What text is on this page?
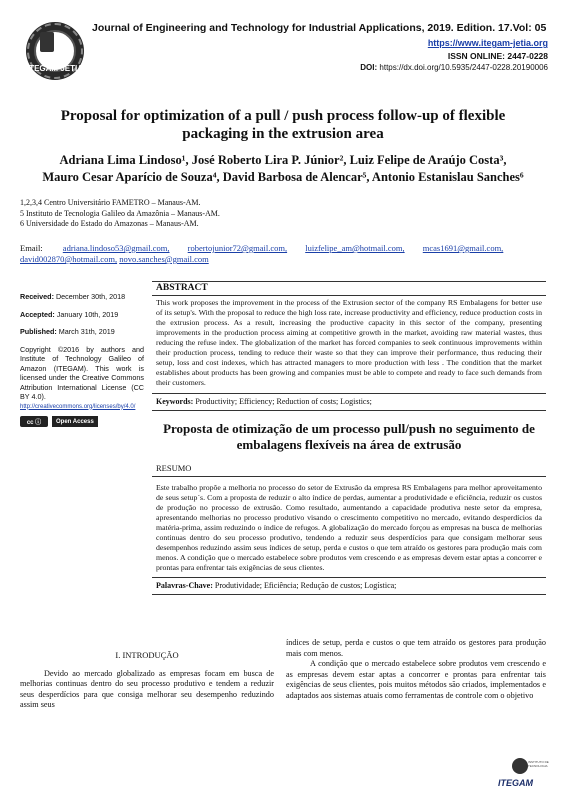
ITEGAM JETIA
Journal of Engineering and Technology for Industrial Applications, 2019. Edition. 17.Vol: 05
https://www.itegam-jetia.org
ISSN ONLINE: 2447-0228
DOI: https://dx.doi.org/10.5935/2447-0228.20190006
Proposal for optimization of a pull / push process follow-up of flexible packaging in the extrusion area
Adriana Lima Lindoso¹, José Roberto Lira P. Júnior², Luiz Felipe de Araújo Costa³,
Mauro Cesar Aparício de Souza⁴, David Barbosa de Alencar⁵, Antonio Estanislau Sanches⁶
1,2,3,4 Centro Universitário FAMETRO – Manaus-AM.
5 Instituto de Tecnologia Galileo da Amazônia – Manaus-AM.
6 Universidade do Estado do Amazonas – Manaus-AM.
Email: adriana.lindoso53@gmail.com, robertojunior72@gmail.com, luizfelipe_am@hotmail.com, mcas1691@gmail.com,
david002870@hotmail.com, novo.sanches@gmail.com
Received: December 30th, 2018
Accepted: January 10th, 2019
Published: March 31th, 2019
Copyright ©2016 by authors and Institute of Technology Galileo of Amazon (ITEGAM). This work is licensed under the Creative Commons Attribution International License (CC BY 4.0).
http://creativecommons.org/licenses/by/4.0/
cc ⓘ	Open Access
ABSTRACT
This work proposes the improvement in the process of the Extrusion sector of the company RS Embalagens for better use of its setup's. With the proposal to reduce the high loss rate, increase productivity and efficiency, reduce production costs in the extrusion process. As a result, increasing the productive capacity in this sector of the company, presenting improvements in the production process aiming at competitive growth in the market, avoiding raw material wastes, thus reducing the refuse index. The globalization of the market has forced companies to seek continuous improvements within their production process, tending to reduce their waste so that they can improve their performance, thus reducing their setup, loss and cost indexes, which has attracted managers to more production with less . The condition that the market establishes about products has been growing and companies must be able to compete and ready to face such demands from their customers.
Keywords: Productivity; Efficiency; Reduction of costs; Logistics;
Proposta de otimização de um processo pull/push no seguimento de embalagens flexíveis na área de extrusão
RESUMO
Este trabalho propõe a melhoria no processo do setor de Extrusão da empresa RS Embalagens para melhor aproveitamento de seus setup´s. Com a proposta de reduzir o alto índice de perdas, aumentar a produtividade e eficiência, reduzir os custos de produção no processo de extrusão. Como resultado, aumentando a capacidade produtiva neste setor da empresa, apresentando melhorias no processo produtivo visando o crescimento competitivo no mercado, evitando desperdícios da matéria-prima, assim reduzindo o índice de refugos. A globalização do mercado forçou as empresas na busca de melhorias continuas dentro do seu processo produtivo, tendendo a reduzir seus desperdícios para que consigam melhorar seus desempenhos reduzindo assim seus índices de setup, perda e custos o que tem atraído os gestores para produção mais com menos. A condição que o mercado estabelece sobre produtos vem crescendo e as empresas devem estar aptas a concorrer e prontas para enfrentar tais exigências de seus clientes.
Palavras-Chave: Produtividade; Eficiência; Redução de custos; Logística;
I. INTRODUÇÃO

Devido ao mercado globalizado as empresas focam em busca de melhorias continuas dentro do seu processo produtivo e tendem a reduzir seus desperdícios para que consiga melhorar seu desempenho reduzindo assim seus

índices de setup, perda e custos o que tem atraído os gestores para produção mais com menos.

A condição que o mercado estabelece sobre produtos vem crescendo e as empresas devem estar aptas a concorrer e prontas para enfrentar tais exigências de seus clientes, pois muitos métodos são criados, implementados e adaptados aos sistemas atuais como ferramentas de controle com o objetivo

INSTITUTO DE TECNOLOGIA
ITEGAM
